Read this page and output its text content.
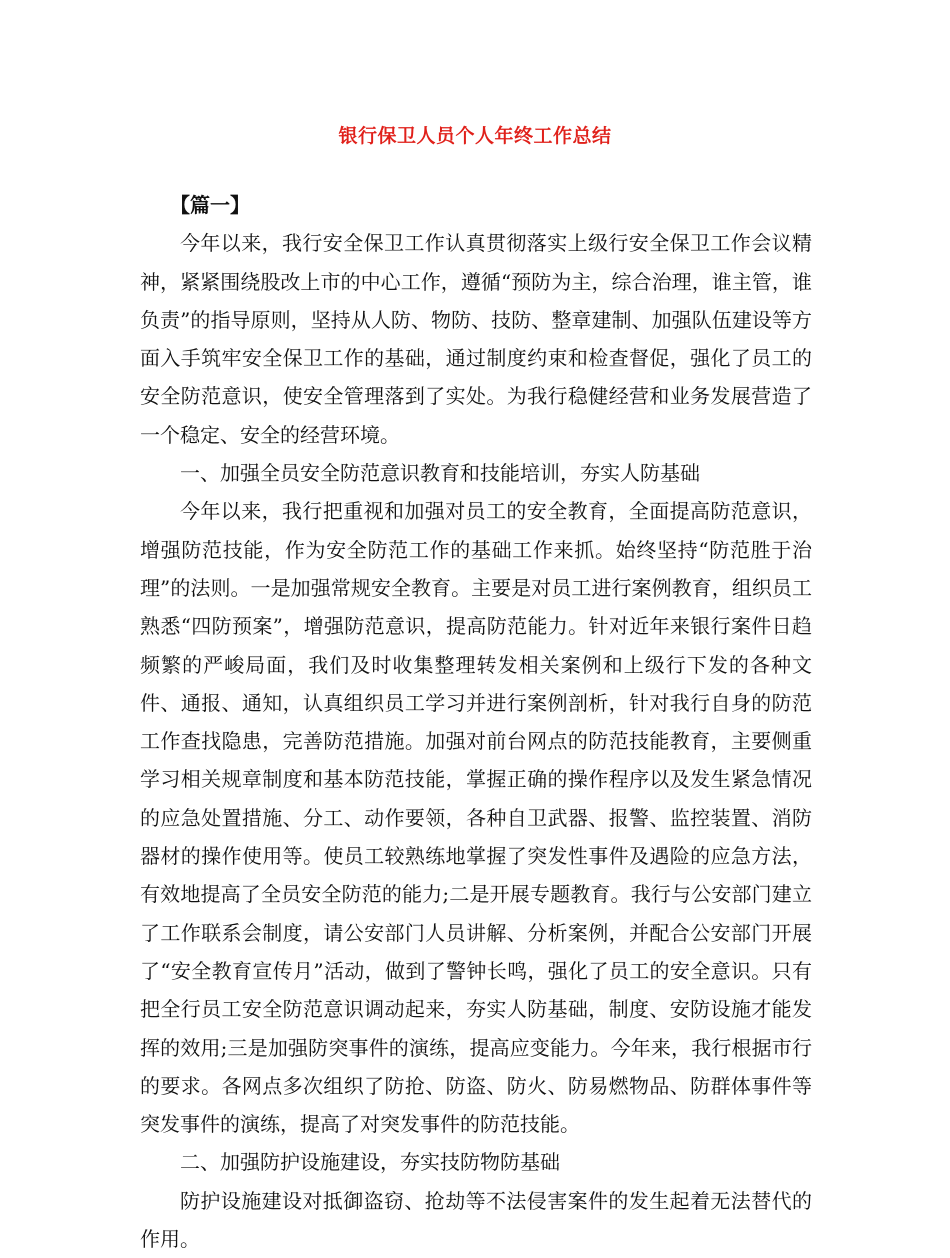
银行保卫人员个人年终工作总结

【篇一】

今年以来，我行安全保卫工作认真贯彻落实上级行安全保卫工作会议精神，紧紧围绕股改上市的中心工作，遵循“预防为主，综合治理，谁主管，谁负责”的指导原则，坚持从人防、物防、技防、整章建制、加强队伍建设等方面入手筑牢安全保卫工作的基础，通过制度约束和检查督促，强化了员工的安全防范意识，使安全管理落到了实处。为我行稳健经营和业务发展营造了一个稳定、安全的经营环境。

一、加强全员安全防范意识教育和技能培训，夯实人防基础

今年以来，我行把重视和加强对员工的安全教育，全面提高防范意识，增强防范技能，作为安全防范工作的基础工作来抓。始终坚持“防范胜于治理”的法则。一是加强常规安全教育。主要是对员工进行案例教育，组织员工熟悉“四防预案”，增强防范意识，提高防范能力。针对近年来银行案件日趋频繁的严峻局面，我们及时收集整理转发相关案例和上级行下发的各种文件、通报、通知，认真组织员工学习并进行案例剖析，针对我行自身的防范工作查找隐患，完善防范措施。加强对前台网点的防范技能教育，主要侧重学习相关规章制度和基本防范技能，掌握正确的操作程序以及发生紧急情况的应急处置措施、分工、动作要领，各种自卫武器、报警、监控装置、消防器材的操作使用等。使员工较熟练地掌握了突发性事件及遇险的应急方法，有效地提高了全员安全防范的能力;二是开展专题教育。我行与公安部门建立了工作联系会制度，请公安部门人员讲解、分析案例，并配合公安部门开展了“安全教育宣传月”活动，做到了警钟长鸣，强化了员工的安全意识。只有把全行员工安全防范意识调动起来，夯实人防基础，制度、安防设施才能发挥的效用;三是加强防突事件的演练，提高应变能力。今年来，我行根据市行的要求。各网点多次组织了防抢、防盗、防火、防易燃物品、防群体事件等突发事件的演练，提高了对突发事件的防范技能。

二、加强防护设施建设，夯实技防物防基础

防护设施建设对抵御盗窃、抢劫等不法侵害案件的发生起着无法替代的作用。
